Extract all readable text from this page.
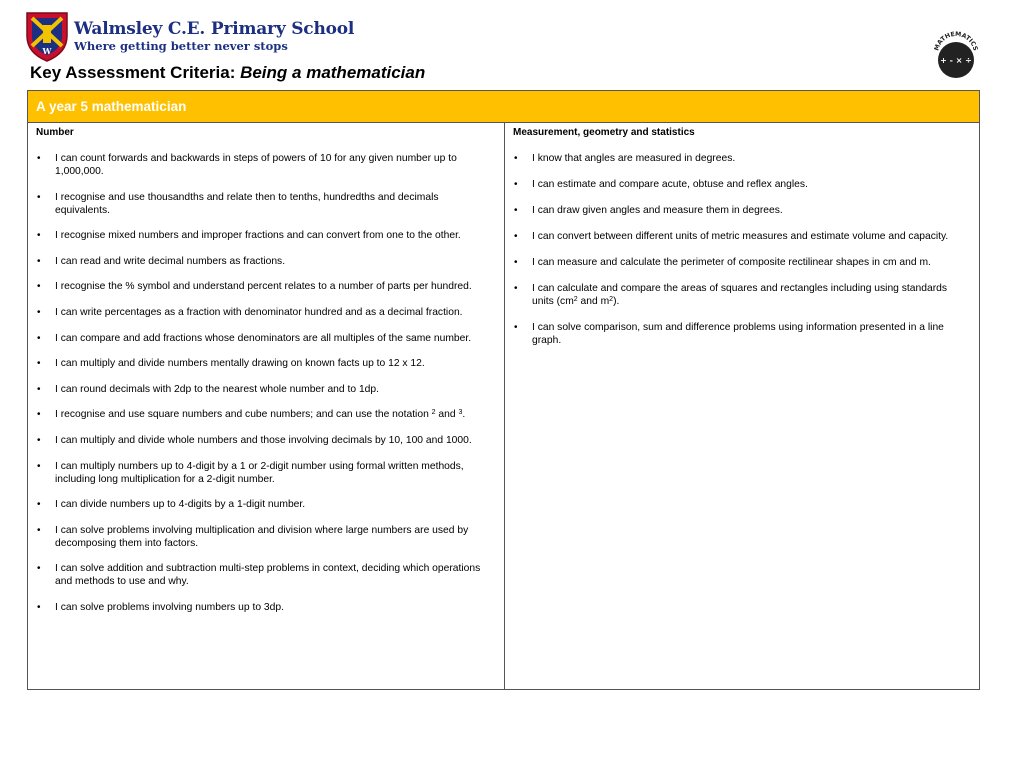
W
Walmsley C.E. Primary School
Where getting better never stops	MATHEMATICS
+ - × ÷
Key Assessment Criteria: Being a mathematician
A year 5 mathematician
Number
• I can count forwards and backwards in steps of powers of 10 for any given number up to 1,000,000.
• I recognise and use thousandths and relate then to tenths, hundredths and decimals equivalents.
• I recognise mixed numbers and improper fractions and can convert from one to the other.
• I can read and write decimal numbers as fractions.
• I recognise the % symbol and understand percent relates to a number of parts per hundred.
• I can write percentages as a fraction with denominator hundred and as a decimal fraction.
• I can compare and add fractions whose denominators are all multiples of the same number.
• I can multiply and divide numbers mentally drawing on known facts up to 12 x 12.
• I can round decimals with 2dp to the nearest whole number and to 1dp.
• I recognise and use square numbers and cube numbers; and can use the notation $^2$ and $^3$.
• I can multiply and divide whole numbers and those involving decimals by 10, 100 and 1000.
• I can multiply numbers up to 4-digit by a 1 or 2-digit number using formal written methods, including long multiplication for a 2-digit number.
• I can divide numbers up to 4-digits by a 1-digit number.
• I can solve problems involving multiplication and division where large numbers are used by decomposing them into factors.
• I can solve addition and subtraction multi-step problems in context, deciding which operations and methods to use and why.
• I can solve problems involving numbers up to 3dp.
Measurement, geometry and statistics
• I know that angles are measured in degrees.
• I can estimate and compare acute, obtuse and reflex angles.
• I can draw given angles and measure them in degrees.
• I can convert between different units of metric measures and estimate volume and capacity.
• I can measure and calculate the perimeter of composite rectilinear shapes in cm and m.
• I can calculate and compare the areas of squares and rectangles including using standards units ($cm^2$ and $m^2$).
• I can solve comparison, sum and difference problems using information presented in a line graph.
